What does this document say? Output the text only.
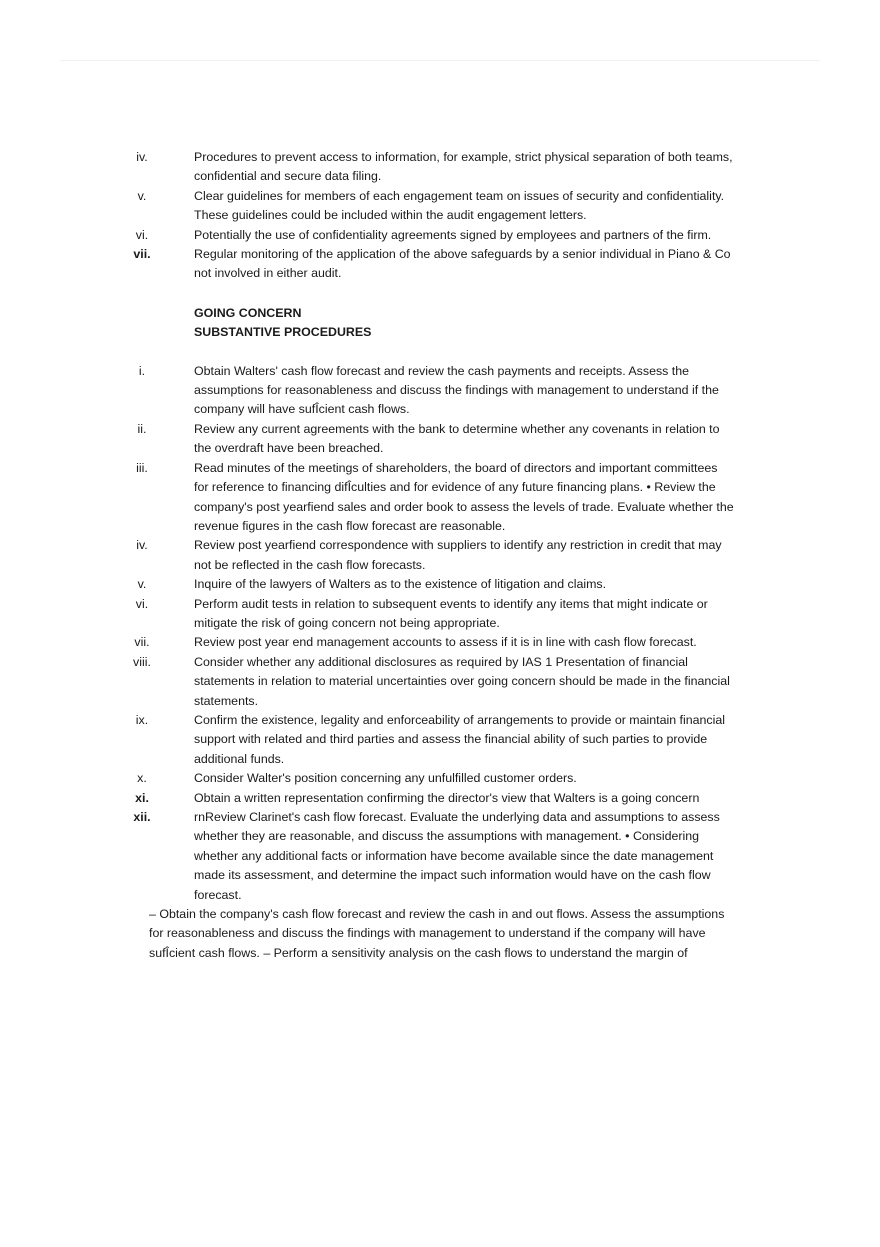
iv.	Procedures to prevent access to information, for example, strict physical separation of both teams, confidential and secure data filing.
v.	Clear guidelines for members of each engagement team on issues of security and confidentiality. These guidelines could be included within the audit engagement letters.
vi.	Potentially the use of confidentiality agreements signed by employees and partners of the firm.
vii.	Regular monitoring of the application of the above safeguards by a senior individual in Piano & Co not involved in either audit.
GOING CONCERN
SUBSTANTIVE PROCEDURES
i.	Obtain Walters' cash flow forecast and review the cash payments and receipts. Assess the assumptions for reasonableness and discuss the findings with management to understand if the company will have sufÎcient cash flows.
ii.	Review any current agreements with the bank to determine whether any covenants in relation to the overdraft have been breached.
iii.	Read minutes of the meetings of shareholders, the board of directors and important committees for reference to financing difÎculties and for evidence of any future financing plans. • Review the company's post yearfiend sales and order book to assess the levels of trade. Evaluate whether the revenue figures in the cash flow forecast are reasonable.
iv.	Review post yearfiend correspondence with suppliers to identify any restriction in credit that may not be reflected in the cash flow forecasts.
v.	Inquire of the lawyers of Walters as to the existence of litigation and claims.
vi.	Perform audit tests in relation to subsequent events to identify any items that might indicate or mitigate the risk of going concern not being appropriate.
vii.	Review post year end management accounts to assess if it is in line with cash flow forecast.
viii.	Consider whether any additional disclosures as required by IAS 1 Presentation of financial statements in relation to material uncertainties over going concern should be made in the financial statements.
ix.	Confirm the existence, legality and enforceability of arrangements to provide or maintain financial support with related and third parties and assess the financial ability of such parties to provide additional funds.
x.	Consider Walter's position concerning any unfulfilled customer orders.
xi.	Obtain a written representation confirming the director's view that Walters is a going concern
xii.	rnReview Clarinet's cash flow forecast. Evaluate the underlying data and assumptions to assess whether they are reasonable, and discuss the assumptions with management. • Considering whether any additional facts or information have become available since the date management made its assessment, and determine the impact such information would have on the cash flow forecast.
– Obtain the company's cash flow forecast and review the cash in and out flows. Assess the assumptions for reasonableness and discuss the findings with management to understand if the company will have sufÎcient cash flows. – Perform a sensitivity analysis on the cash flows to understand the margin of
